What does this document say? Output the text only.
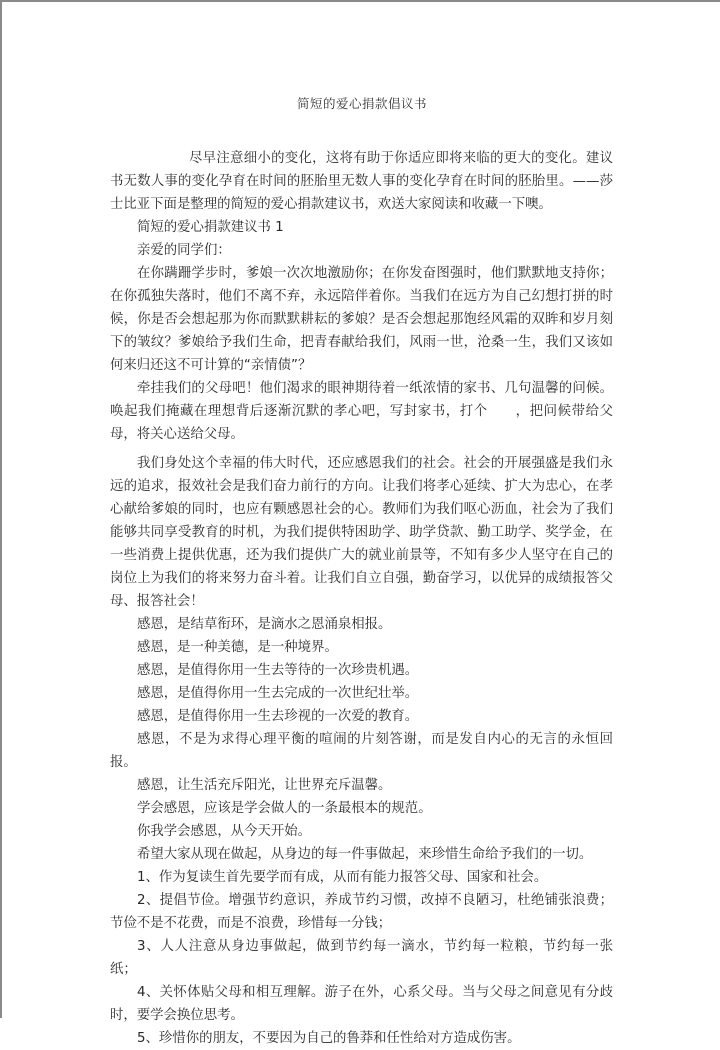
简短的爱心捐款倡议书

尽早注意细小的变化，这将有助于你适应即将来临的更大的变化。建议书无数人事的变化孕育在时间的胚胎里无数人事的变化孕育在时间的胚胎里。——莎士比亚下面是整理的简短的爱心捐款建议书，欢送大家阅读和收藏一下噢。

简短的爱心捐款建议书 1

亲爱的同学们：

在你蹒跚学步时，爹娘一次次地激励你；在你发奋图强时，他们默默地支持你；在你孤独失落时，他们不离不弃，永远陪伴着你。当我们在远方为自己幻想打拼的时候，你是否会想起那为你而默默耕耘的爹娘？是否会想起那饱经风霜的双眸和岁月刻下的皱纹？爹娘给予我们生命，把青春献给我们，风雨一世，沧桑一生，我们又该如何来归还这不可计算的“亲情债”？

牵挂我们的父母吧！他们渴求的眼神期待着一纸浓情的家书、几句温馨的问候。唤起我们掩藏在理想背后逐渐沉默的孝心吧，写封家书，打个　　，把问候带给父母，将关心送给父母。

我们身处这个幸福的伟大时代，还应感恩我们的社会。社会的开展强盛是我们永远的追求，报效社会是我们奋力前行的方向。让我们将孝心延续、扩大为忠心，在孝心献给爹娘的同时，也应有颗感恩社会的心。教师们为我们呕心沥血，社会为了我们能够共同享受教育的时机，为我们提供特困助学、助学贷款、勤工助学、奖学金，在一些消费上提供优惠，还为我们提供广大的就业前景等，不知有多少人坚守在自己的岗位上为我们的将来努力奋斗着。让我们自立自强，勤奋学习，以优异的成绩报答父母、报答社会！

感恩，是结草衔环，是滴水之恩涌泉相报。

感恩，是一种美德，是一种境界。

感恩，是值得你用一生去等待的一次珍贵机遇。

感恩，是值得你用一生去完成的一次世纪壮举。

感恩，是值得你用一生去珍视的一次爱的教育。

感恩，不是为求得心理平衡的喧闹的片刻答谢，而是发自内心的无言的永恒回报。

感恩，让生活充斥阳光，让世界充斥温馨。

学会感恩，应该是学会做人的一条最根本的规范。

你我学会感恩，从今天开始。

希望大家从现在做起，从身边的每一件事做起，来珍惜生命给予我们的一切。

1、作为复读生首先要学而有成，从而有能力报答父母、国家和社会。

2、提倡节俭。增强节约意识，养成节约习惯，改掉不良陋习，杜绝铺张浪费；节俭不是不花费，而是不浪费，珍惜每一分钱；

3、人人注意从身边事做起，做到节约每一滴水，节约每一粒粮，节约每一张纸；

4、关怀体贴父母和相互理解。游子在外，心系父母。当与父母之间意见有分歧时，要学会换位思考。

5、珍惜你的朋友，不要因为自己的鲁莽和任性给对方造成伤害。
